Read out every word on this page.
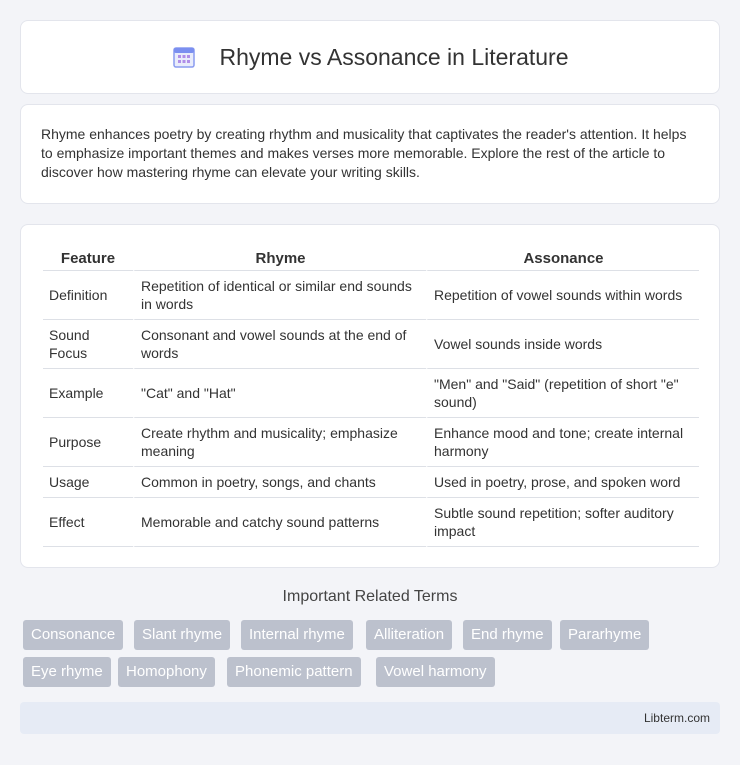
Rhyme vs Assonance in Literature

Rhyme enhances poetry by creating rhythm and musicality that captivates the reader's attention. It helps to emphasize important themes and makes verses more memorable. Explore the rest of the article to discover how mastering rhyme can elevate your writing skills.

Feature	Rhyme	Assonance
Definition	Repetition of identical or similar end sounds in words	Repetition of vowel sounds within words
Sound Focus	Consonant and vowel sounds at the end of words	Vowel sounds inside words
Example	"Cat" and "Hat"	"Men" and "Said" (repetition of short "e" sound)
Purpose	Create rhythm and musicality; emphasize meaning	Enhance mood and tone; create internal harmony
Usage	Common in poetry, songs, and chants	Used in poetry, prose, and spoken word
Effect	Memorable and catchy sound patterns	Subtle sound repetition; softer auditory impact
Important Related Terms
Consonance	Slant rhyme	Internal rhyme	Alliteration	End rhyme	Pararhyme
Eye rhyme	Homophony	Phonemic pattern	Vowel harmony
Libterm.com
